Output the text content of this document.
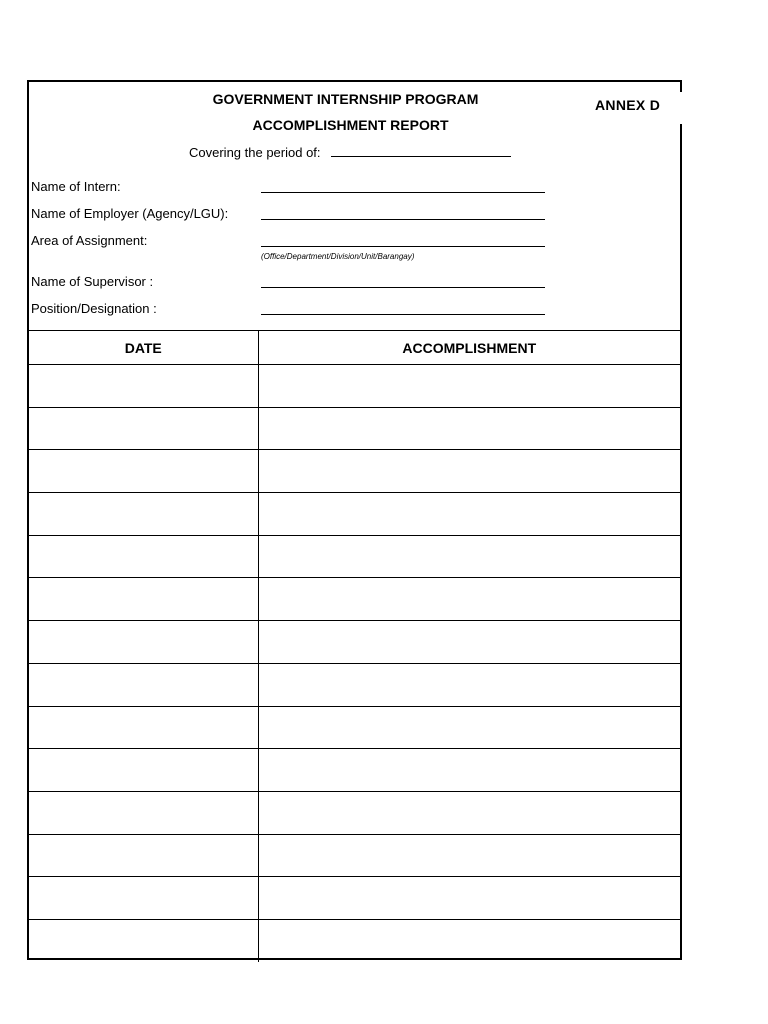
GOVERNMENT INTERNSHIP PROGRAM	ANNEX D
ACCOMPLISHMENT REPORT
Covering the period of:
Name of Intern:
Name of Employer (Agency/LGU):
Area of Assignment:
(Office/Department/Division/Unit/Barangay)
Name of Supervisor :
Position/Designation :
DATE	ACCOMPLISHMENT
